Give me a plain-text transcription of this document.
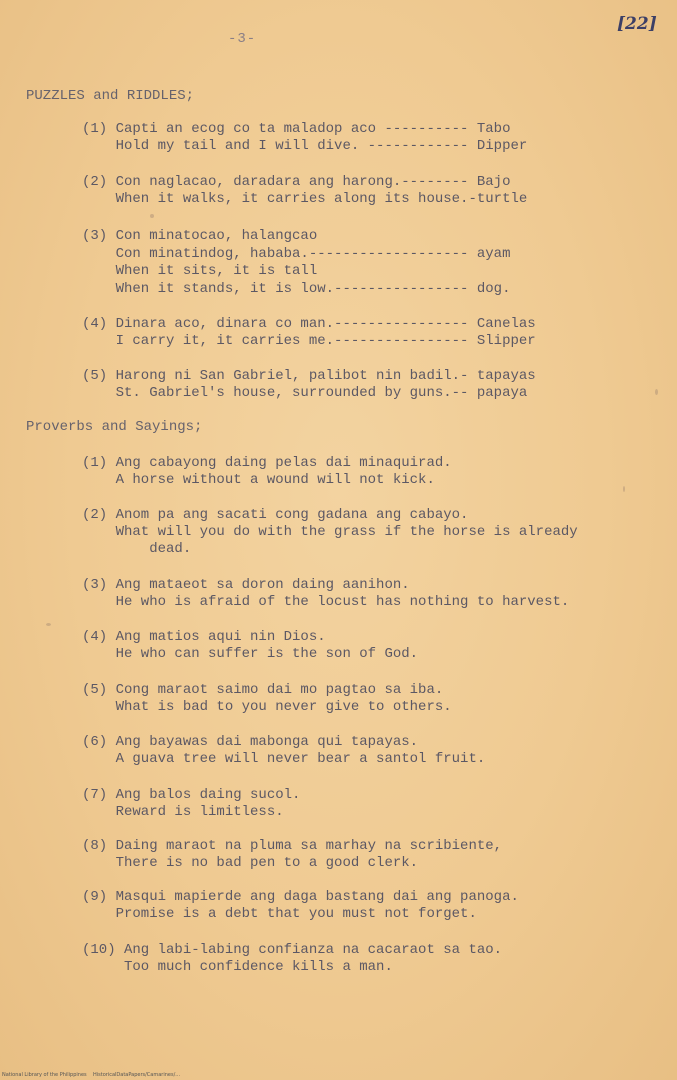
-3-
[22]
PUZZLES and RIDDLES;
(1) Capti an ecog co ta maladop aco ---------- Tabo
Hold my tail and I will dive. ------------ Dipper
(2) Con naglacao, daradara ang harong.-------- Bajo
When it walks, it carries along its house.-turtle
(3) Con minatocao, halangcao
Con minatindog, hababa.------------------- ayam
When it sits, it is tall
When it stands, it is low.---------------- dog.
(4) Dinara aco, dinara co man.---------------- Canelas
I carry it, it carries me.---------------- Slipper
(5) Harong ni San Gabriel, palibot nin badil.- tapayas
St. Gabriel's house, surrounded by guns.-- papaya
Proverbs and Sayings;
(1) Ang cabayong daing pelas dai minaquirad.
A horse without a wound will not kick.
(2) Anom pa ang sacati cong gadana ang cabayo.
What will you do with the grass if the horse is already
dead.
(3) Ang mataeot sa doron daing aanihon.
He who is afraid of the locust has nothing to harvest.
(4) Ang matios aqui nin Dios.
He who can suffer is the son of God.
(5) Cong maraot saimo dai mo pagtao sa iba.
What is bad to you never give to others.
(6) Ang bayawas dai mabonga qui tapayas.
A guava tree will never bear a santol fruit.
(7) Ang balos daing sucol.
Reward is limitless.
(8) Daing maraot na pluma sa marhay na scribiente,
There is no bad pen to a good clerk.
(9) Masqui mapierde ang daga bastang dai ang panoga.
Promise is a debt that you must not forget.
(10) Ang labi-labing confianza na cacaraot sa tao.
Too much confidence kills a man.
National Library of the Philippines    HistoricalDataPapers/Camarines/...
